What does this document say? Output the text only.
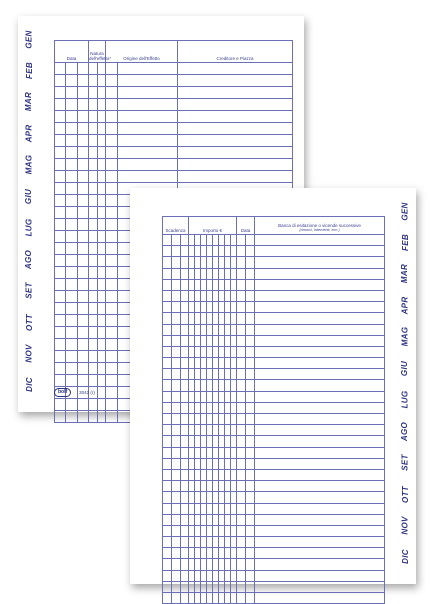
GEN
FEB
MAR
APR
MAG
GIU
LUG
AGO
SET
OTT
NOV
DIC
Data			Natura dell'effetto*		Origine dell'Effetto		Creditore e Piazza

bolf	3042 (r)
Scadenza			Importo €								Data		Banca di esitazione o vicende successive
(rinnovi, interventi, ecc.)

GEN
FEB
MAR
APR
MAG
GIU
LUG
AGO
SET
OTT
NOV
DIC
